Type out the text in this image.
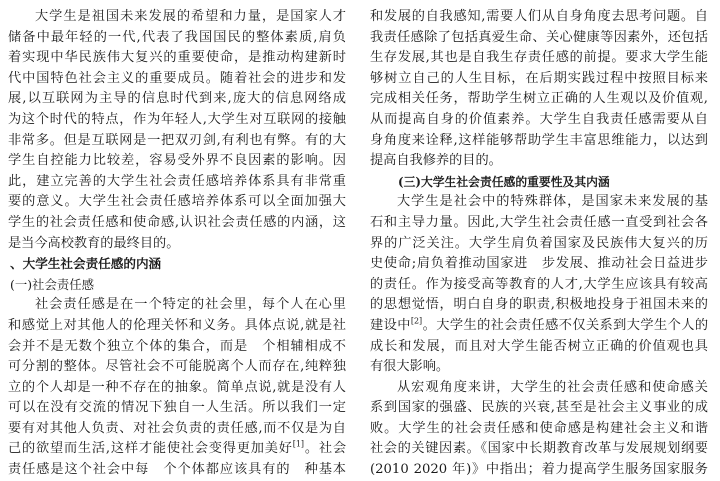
大学生是祖国未来发展的希望和力量，是国家人才
储备中最年轻的一代,代表了我国国民的整体素质,肩负
着实现中华民族伟大复兴的重要使命，是推动构建新时
代中国特色社会主义的重要成员。随着社会的进步和发
展,以互联网为主导的信息时代到来,庞大的信息网络成
为这个时代的特点，作为年轻人,大学生对互联网的接触
非常多。但是互联网是一把双刃剑,有利也有弊。有的大
学生自控能力比较差，容易受外界不良因素的影响。因
此，建立完善的大学生社会责任感培养体系具有非常重
要的意义。大学生社会责任感培养体系可以全面加强大
学生的社会责任感和使命感,认识社会责任感的内涵，这
是当今高校教育的最终目的。
、大学生社会责任感的内涵
(一)社会责任感
社会责任感是在一个特定的社会里，每个人在心里
和感觉上对其他人的伦理关怀和义务。具体点说,就是社
会并不是无数个独立个体的集合，而是　个相辅相成不
可分割的整体。尽管社会不可能脱离个人而存在,纯粹独
立的个人却是一种不存在的抽象。简单点说,就是没有人
可以在没有交流的情况下独自一人生活。所以我们一定
要有对其他人负责、对社会负责的责任感,而不仅是为自
己的欲望而生活,这样才能使社会变得更加美好[1]。社会
责任感是这个社会中每　个个体都应该具有的　种基本
和发展的自我感知,需要人们从自身角度去思考问题。自
我责任感除了包括真爱生命、关心健康等因素外，还包括
生存发展,其也是自我生存责任感的前提。要求大学生能
够树立自己的人生目标，在后期实践过程中按照目标来
完成相关任务，帮助学生树立正确的人生观以及价值观,
从而提高自身的价值素养。大学生自我责任感需要从自
身角度来诠释,这样能够帮助学生丰富思维能力，以达到
提高自我修养的目的。
(三)大学生社会责任感的重要性及其内涵
大学生是社会中的特殊群体，是国家未来发展的基
石和主导力量。因此,大学生社会责任感一直受到社会各
界的广泛关注。大学生肩负着国家及民族伟大复兴的历
史使命;肩负着推动国家进　步发展、推动社会日益进步
的责任。作为接受高等教育的人才,大学生应该具有较高
的思想觉悟，明白自身的职责,积极地投身于祖国未来的
建设中[2]。大学生的社会责任感不仅关系到大学生个人的
成长和发展，而且对大学生能否树立正确的价值观也具
有很大影响。
从宏观角度来讲，大学生的社会责任感和使命感关
系到国家的强盛、民族的兴衰,甚至是社会主义事业的成
败。大学生的社会责任感和使命感是构建社会主义和谐
社会的关键因素。《国家中长期教育改革与发展规划纲要
(2010 2020 年)》中指出；着力提高学生服务国家服务
